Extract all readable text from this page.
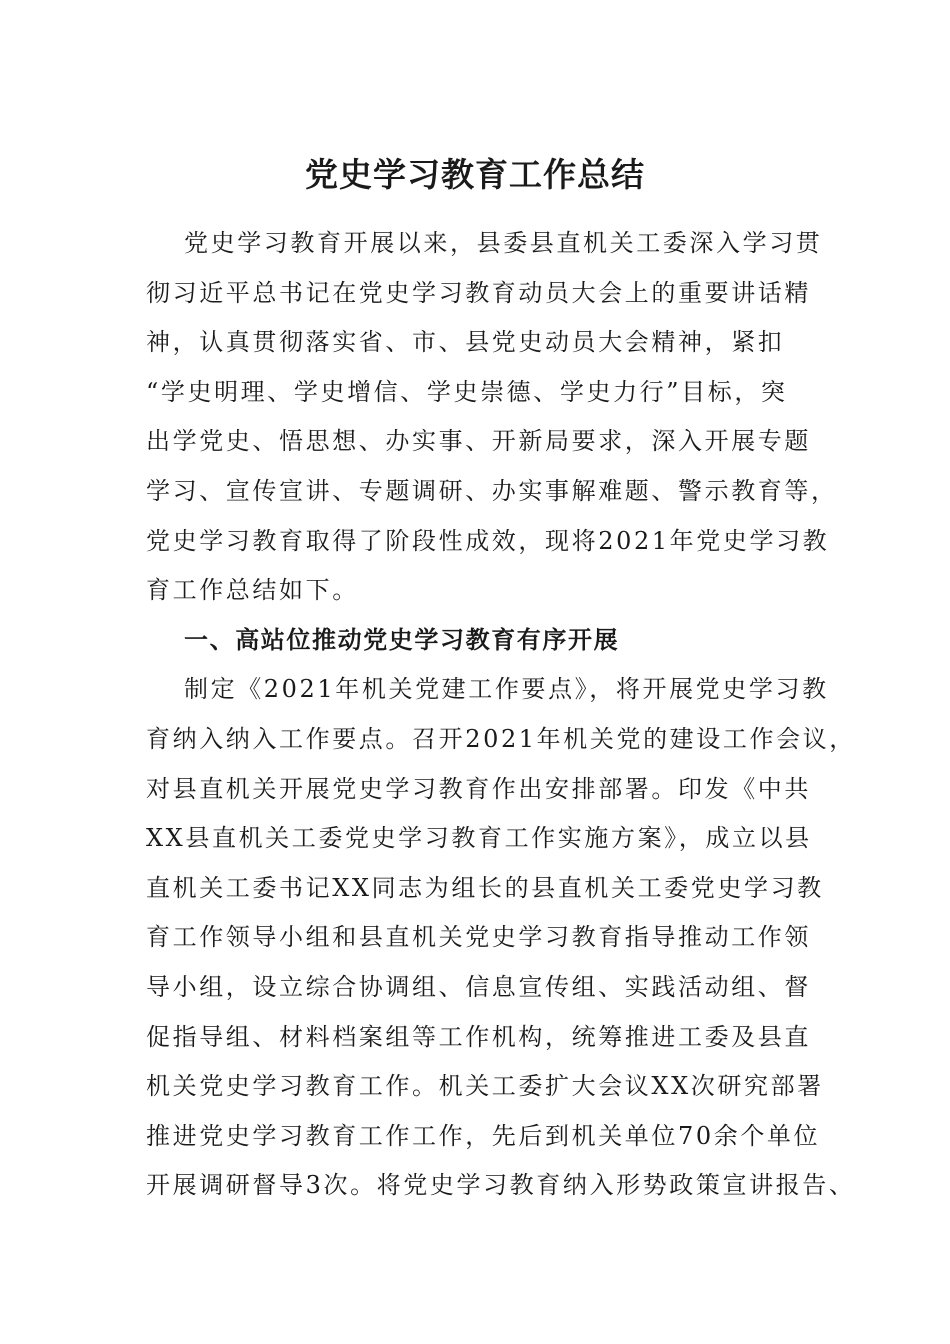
党史学习教育工作总结
党史学习教育开展以来，县委县直机关工委深入学习贯
彻习近平总书记在党史学习教育动员大会上的重要讲话精
神，认真贯彻落实省、市、县党史动员大会精神，紧扣
“学史明理、学史增信、学史崇德、学史力行”目标，突
出学党史、悟思想、办实事、开新局要求，深入开展专题
学习、宣传宣讲、专题调研、办实事解难题、警示教育等，
党史学习教育取得了阶段性成效，现将2021年党史学习教
育工作总结如下。
一、高站位推动党史学习教育有序开展
制定《2021年机关党建工作要点》，将开展党史学习教
育纳入纳入工作要点。召开2021年机关党的建设工作会议，
对县直机关开展党史学习教育作出安排部署。印发《中共
XX县直机关工委党史学习教育工作实施方案》，成立以县
直机关工委书记XX同志为组长的县直机关工委党史学习教
育工作领导小组和县直机关党史学习教育指导推动工作领
导小组，设立综合协调组、信息宣传组、实践活动组、督
促指导组、材料档案组等工作机构，统筹推进工委及县直
机关党史学习教育工作。机关工委扩大会议XX次研究部署
推进党史学习教育工作工作，先后到机关单位70余个单位
开展调研督导3次。将党史学习教育纳入形势政策宣讲报告、
